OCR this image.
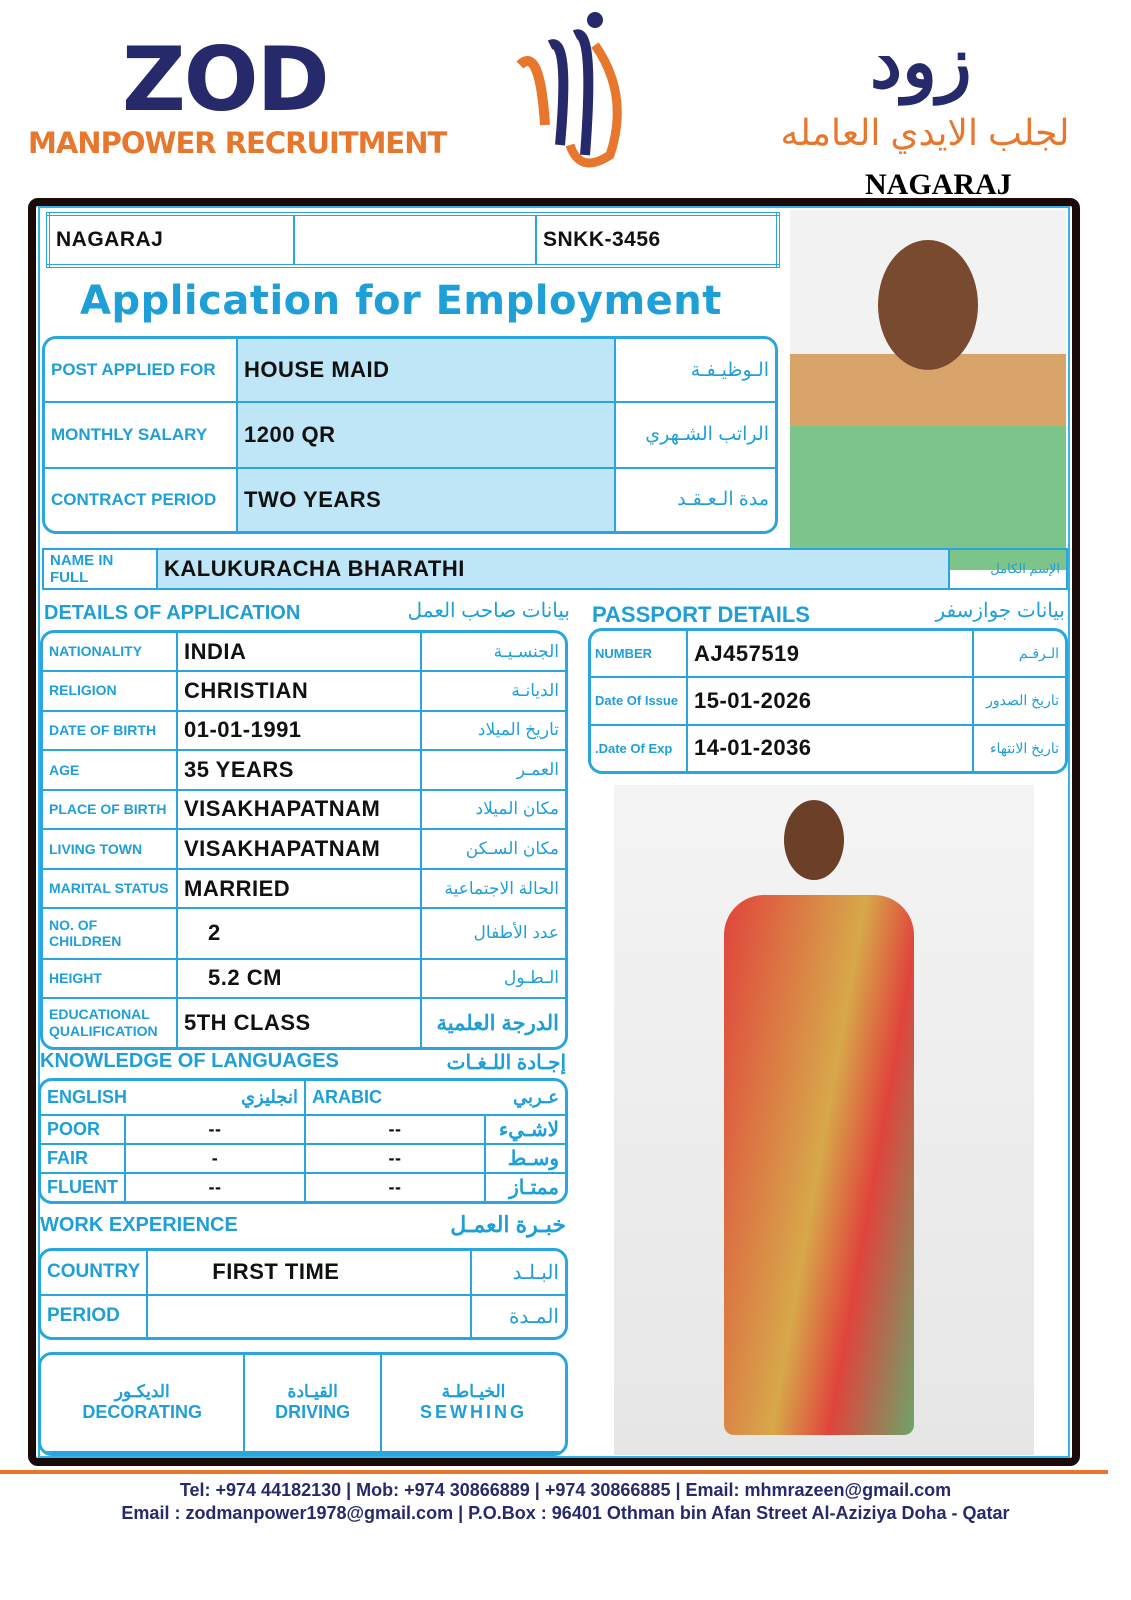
ZOD
MANPOWER RECRUITMENT
زود
لجلب الايدي العامله
NAGARAJ
NAGARAJ		SNKK-3456
Application for Employment
POST APPLIED FOR	HOUSE MAID	الـوظيـفـة
MONTHLY SALARY	1200 QR	الراتب الشـهري
CONTRACT PERIOD	TWO YEARS	مدة الـعـقـد
NAME IN FULL	KALUKURACHA BHARATHI	الإسم الكامل
DETAILS OF APPLICATION	بيانات صاحب العمل
NATIONALITY	INDIA	الجنسـيـة
RELIGION	CHRISTIAN	الديانـة
DATE OF BIRTH	01-01-1991	تاريخ الميلاد
AGE	35 YEARS	العمـر
PLACE OF BIRTH	VISAKHAPATNAM	مكان الميلاد
LIVING TOWN	VISAKHAPATNAM	مكان السـكن
MARITAL STATUS	MARRIED	الحالة الاجتماعية
NO. OF CHILDREN	2	عدد الأطفال
HEIGHT	5.2 CM	الـطـول
EDUCATIONAL QUALIFICATION	5TH CLASS	الدرجة العلمية
PASSPORT DETAILS	بيانات جوازسفر
NUMBER	AJ457519	الـرقـم
Date Of Issue	15-01-2026	تاريخ الصدور
.Date Of Exp	14-01-2036	تاريخ الانتهاء
KNOWLEDGE OF LANGUAGES	إجـادة اللـغـات
ENGLISH انجليزي		ARABIC عـربي	

POOR	--	--	لاشـيء
FAIR	-	--	وسـط
FLUENT	--	--	ممتـاز
WORK EXPERIENCE	خبـرة العمـل
COUNTRY	FIRST TIME	البـلـد
PERIOD		المـدة
الديكـور
DECORATING

القيـادة
DRIVING

الخيـاطـة
SEWHING

Tel: +974 44182130 | Mob: +974 30866889 | +974 30866885 | Email: mhmrazeen@gmail.com
Email : zodmanpower1978@gmail.com | P.O.Box : 96401 Othman bin Afan Street Al-Aziziya Doha - Qatar
